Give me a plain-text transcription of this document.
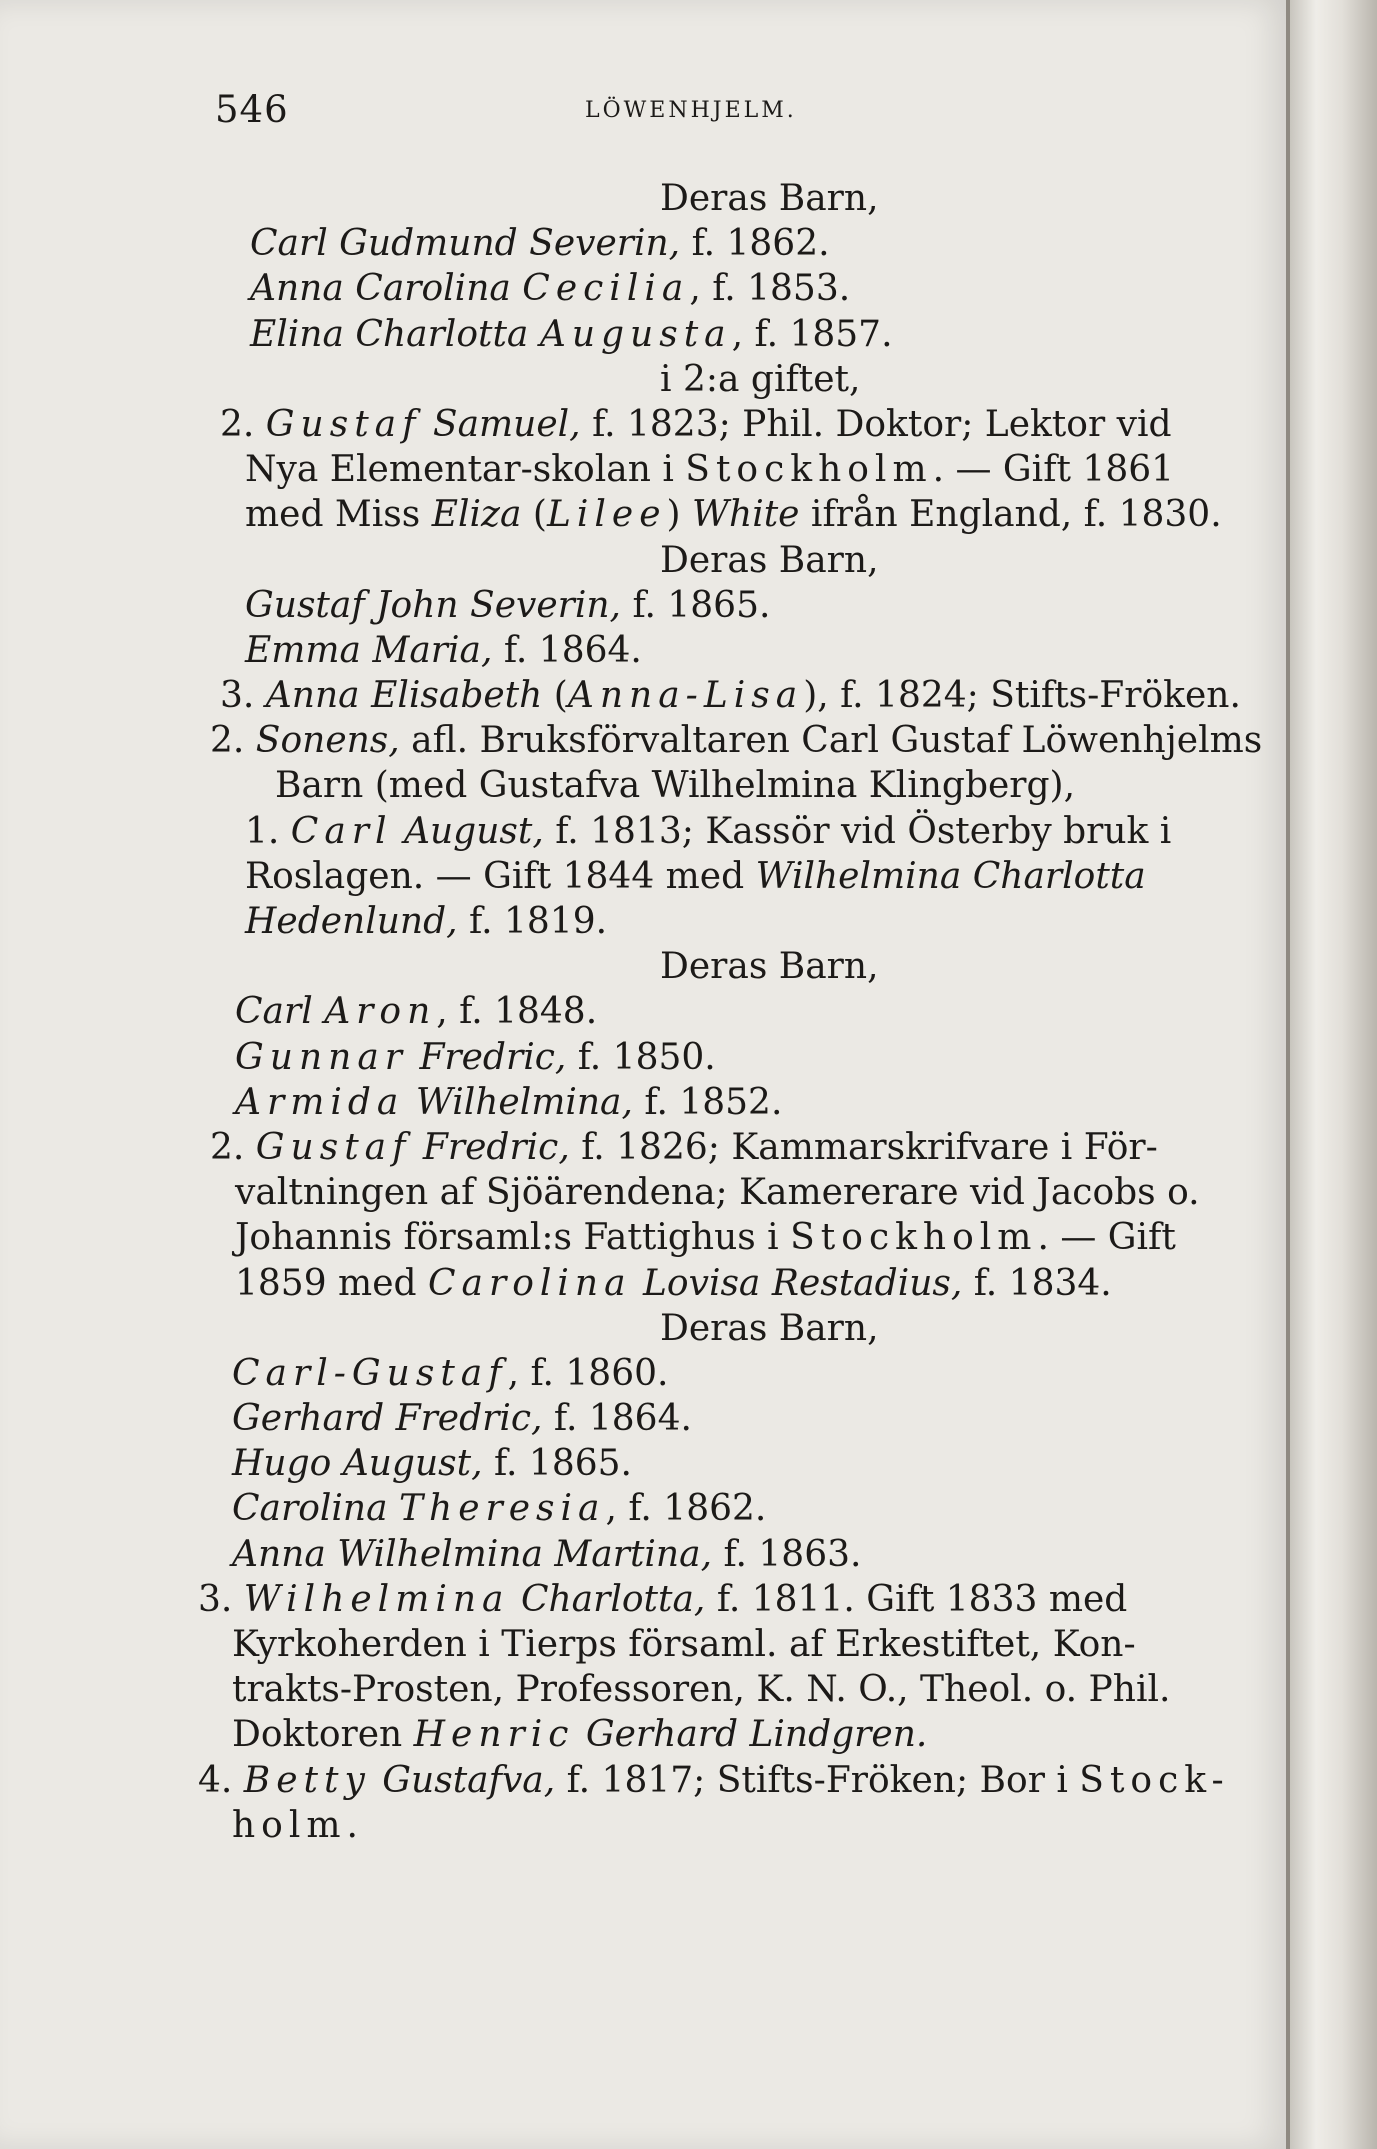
546	LÖWENHJELM.
Deras Barn,
Carl Gudmund Severin, f. 1862.
Anna Carolina Cecilia, f. 1853.
Elina Charlotta Augusta, f. 1857.
i 2:a giftet,
2. Gustaf Samuel, f. 1823; Phil. Doktor; Lektor vid
Nya Elementar-skolan i Stockholm. — Gift 1861
med Miss Eliza (Lilee) White ifrån England, f. 1830.
Deras Barn,
Gustaf John Severin, f. 1865.
Emma Maria, f. 1864.
3. Anna Elisabeth (Anna-Lisa), f. 1824; Stifts-Fröken.
2. Sonens, afl. Bruksförvaltaren Carl Gustaf Löwenhjelms
Barn (med Gustafva Wilhelmina Klingberg),
1. Carl August, f. 1813; Kassör vid Österby bruk i
Roslagen. — Gift 1844 med Wilhelmina Charlotta
Hedenlund, f. 1819.
Deras Barn,
Carl Aron, f. 1848.
Gunnar Fredric, f. 1850.
Armida Wilhelmina, f. 1852.
2. Gustaf Fredric, f. 1826; Kammarskrifvare i För-
valtningen af Sjöärendena; Kamererare vid Jacobs o.
Johannis församl:s Fattighus i Stockholm. — Gift
1859 med Carolina Lovisa Restadius, f. 1834.
Deras Barn,
Carl-Gustaf, f. 1860.
Gerhard Fredric, f. 1864.
Hugo August, f. 1865.
Carolina Theresia, f. 1862.
Anna Wilhelmina Martina, f. 1863.
3. Wilhelmina Charlotta, f. 1811. Gift 1833 med
Kyrkoherden i Tierps församl. af Erkestiftet, Kon-
trakts-Prosten, Professoren, K. N. O., Theol. o. Phil.
Doktoren Henric Gerhard Lindgren.
4. Betty Gustafva, f. 1817; Stifts-Fröken; Bor i Stock-
holm.
